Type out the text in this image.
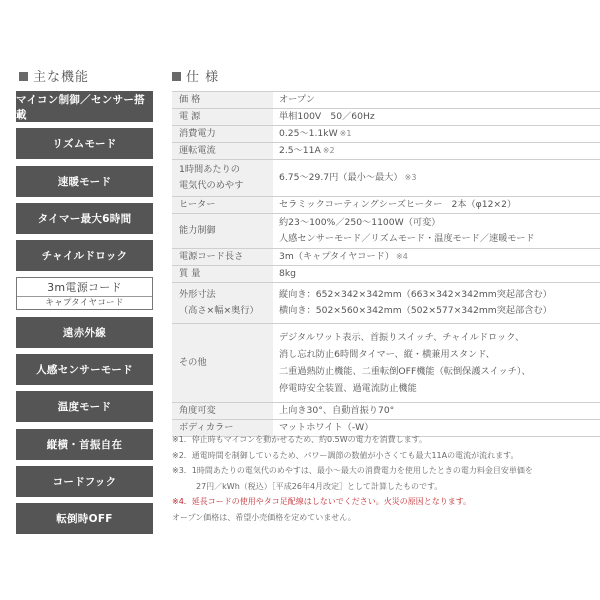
主な機能	仕 様
マイコン制御／センサー搭載
リズムモード
速暖モード
タイマー最大6時間
チャイルドロック
3m電源コード
キャプタイヤコード
遠赤外線
人感センサーモード
温度モード
縦横・首振自在
コードフック
転倒時OFF
価 格	オープン
電 源	単相100V　50／60Hz
消費電力	0.25～1.1kW ※1
運転電流	2.5～11A ※2

1時間あたりの
電気代のめやす	6.75～29.7円（最小～最大） ※3
ヒーター	セラミックコーティングシーズヒーター　2本（φ12×2）
能力制御	約23～100%／250～1100W（可変）
人感センサーモード／リズムモード・温度モード／速暖モード

電源コード長さ	3m（キャプタイヤコード） ※4
質 量	8kg

外形寸法
（高さ×幅×奥行）	縦向き：652×342×342mm（663×342×342mm突起部含む）
横向き：502×560×342mm（502×577×342mm突起部含む）

その他	デジタルワット表示、首振りスイッチ、チャイルドロック、
消し忘れ防止6時間タイマー、縦・横兼用スタンド、
二重過熱防止機能、二重転倒OFF機能（転倒保護スイッチ）、
停電時安全装置、過電流防止機能

角度可変	上向き30°、自動首振り70°
ボディカラー	マットホワイト（-W）
※1．停止時もマイコンを動かせるため、約0.5Wの電力を消費します。
※2．通電時間を制御しているため、パワー調節の数値が小さくても最大11Aの電流が流れます。
※3．1時間あたりの電気代のめやすは、最小～最大の消費電力を使用したときの電力料金目安単価を
27円／kWh（税込）［平成26年4月改定］として計算したものです。
※4．延長コードの使用やタコ足配線はしないでください。火災の原因となります。
オープン価格は、希望小売価格を定めていません。
